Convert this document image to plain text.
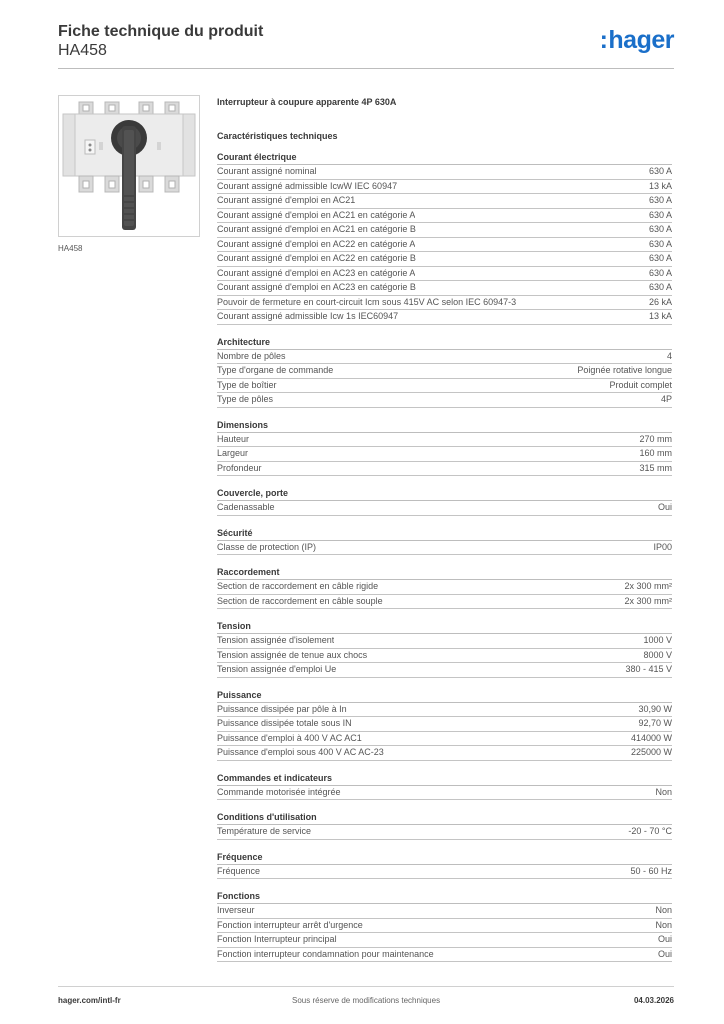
Fiche technique du produit
HA458	:hager
HA458
Interrupteur à coupure apparente 4P 630A
Caractéristiques techniques
Courant électrique
Courant assigné nominal	630 A
Courant assigné admissible IcwW IEC 60947	13 kA
Courant assigné d'emploi en AC21	630 A
Courant assigné d'emploi en AC21 en catégorie A	630 A
Courant assigné d'emploi en AC21 en catégorie B	630 A
Courant assigné d'emploi en AC22 en catégorie A	630 A
Courant assigné d'emploi en AC22 en catégorie B	630 A
Courant assigné d'emploi en AC23 en catégorie A	630 A
Courant assigné d'emploi en AC23 en catégorie B	630 A
Pouvoir de fermeture en court-circuit Icm sous 415V AC selon IEC 60947-3	26 kA
Courant assigné admissible Icw 1s IEC60947	13 kA
Architecture
Nombre de pôles	4
Type d'organe de commande	Poignée rotative longue
Type de boîtier	Produit complet
Type de pôles	4P
Dimensions
Hauteur	270 mm
Largeur	160 mm
Profondeur	315 mm
Couvercle, porte
Cadenassable	Oui
Sécurité
Classe de protection (IP)	IP00
Raccordement
Section de raccordement en câble rigide	2x 300 mm²
Section de raccordement en câble souple	2x 300 mm²
Tension
Tension assignée d'isolement	1000 V
Tension assignée de tenue aux chocs	8000 V
Tension assignée d'emploi Ue	380 - 415 V
Puissance
Puissance dissipée par pôle à In	30,90 W
Puissance dissipée totale sous IN	92,70 W
Puissance d'emploi à 400 V AC AC1	414000 W
Puissance d'emploi sous 400 V AC AC-23	225000 W
Commandes et indicateurs
Commande motorisée intégrée	Non
Conditions d'utilisation
Température de service	-20 - 70 °C
Fréquence
Fréquence	50 - 60 Hz
Fonctions
Inverseur	Non
Fonction interrupteur arrêt d'urgence	Non
Fonction Interrupteur principal	Oui
Fonction interrupteur condamnation pour maintenance	Oui
hager.com/intl-fr	Sous réserve de modifications techniques	04.03.2026
